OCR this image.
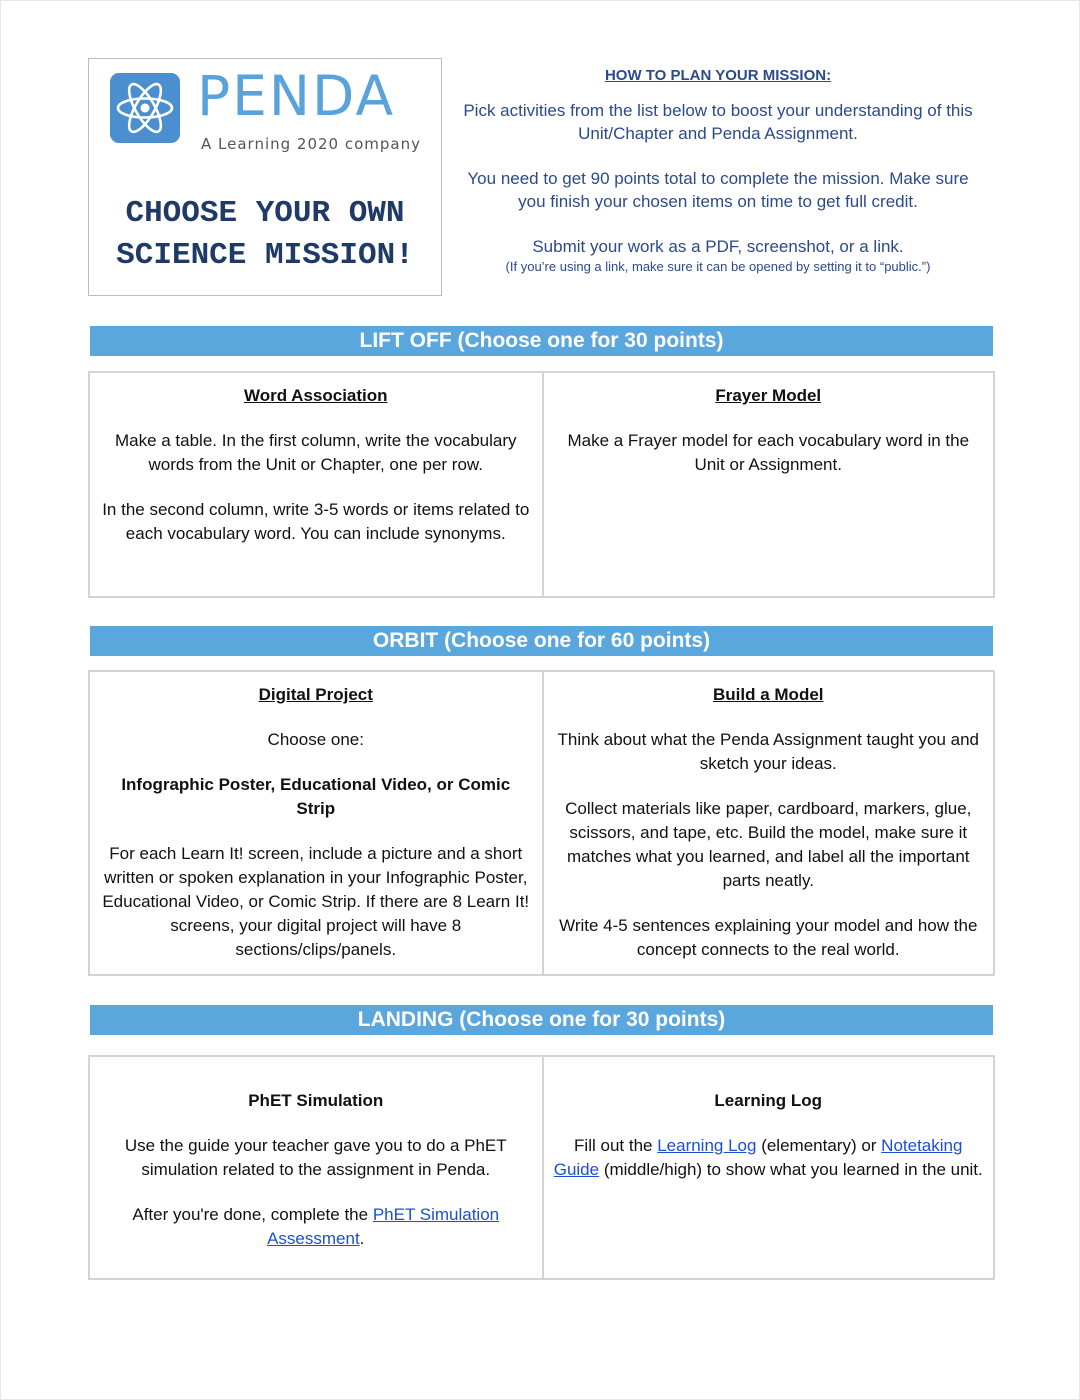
PENDA
A Learning 2020 company
CHOOSE YOUR OWN
SCIENCE MISSION!
HOW TO PLAN YOUR MISSION:

Pick activities from the list below to boost your understanding of this Unit/Chapter and Penda Assignment.

You need to get 90 points total to complete the mission. Make sure you finish your chosen items on time to get full credit.

Submit your work as a PDF, screenshot, or a link.
(If you’re using a link, make sure it can be opened by setting it to “public.”)
LIFT OFF (Choose one for 30 points)
Word Association

Make a table. In the first column, write the vocabulary words from the Unit or Chapter, one per row.

In the second column, write 3-5 words or items related to each vocabulary word. You can include synonyms.

Frayer Model

Make a Frayer model for each vocabulary word in the Unit or Assignment.

ORBIT (Choose one for 60 points)
Digital Project

Choose one:

Infographic Poster, Educational Video, or Comic Strip

For each Learn It! screen, include a picture and a short written or spoken explanation in your Infographic Poster, Educational Video, or Comic Strip. If there are 8 Learn It! screens, your digital project will have 8 sections/clips/panels.

Build a Model

Think about what the Penda Assignment taught you and sketch your ideas.

Collect materials like paper, cardboard, markers, glue, scissors, and tape, etc. Build the model, make sure it matches what you learned, and label all the important parts neatly.

Write 4-5 sentences explaining your model and how the concept connects to the real world.

LANDING (Choose one for 30 points)
PhET Simulation

Use the guide your teacher gave you to do a PhET simulation related to the assignment in Penda.

After you're done, complete the PhET Simulation Assessment.

Learning Log

Fill out the Learning Log (elementary) or Notetaking Guide (middle/high) to show what you learned in the unit.
